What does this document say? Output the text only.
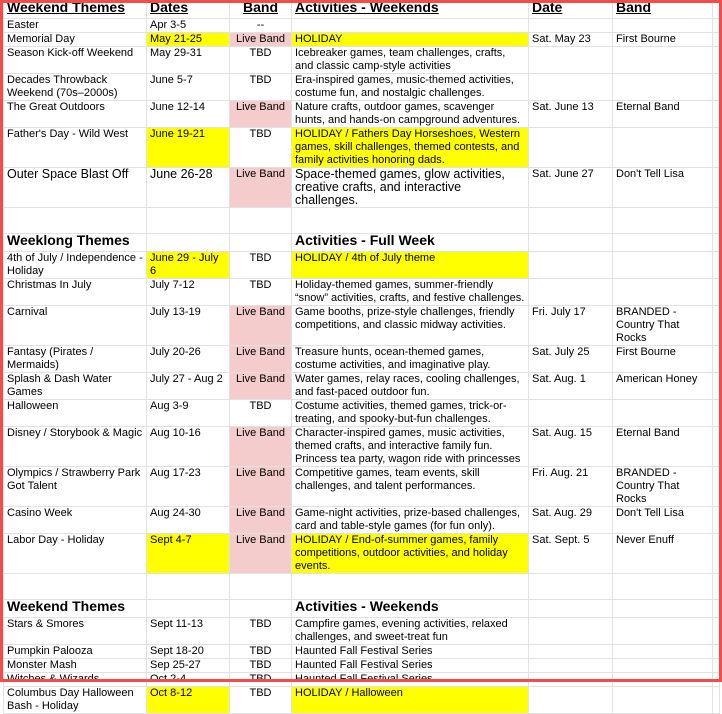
Weekend Themes	Dates	Band	Activities - Weekends	Date	Band	
Easter	Apr 3-5	--				
Memorial Day	May 21-25	Live Band	HOLIDAY	Sat. May 23	First Bourne	
Season Kick-off Weekend	May 29-31	TBD	Icebreaker games, team challenges, crafts, and classic camp-style activities			
Decades Throwback Weekend (70s–2000s)	June 5-7	TBD	Era-inspired games, music-themed activities, costume fun, and nostalgic challenges.			
The Great Outdoors	June 12-14	Live Band	Nature crafts, outdoor games, scavenger hunts, and hands-on campground adventures.	Sat. June 13	Eternal Band	
Father's Day - Wild West	June 19-21	TBD	HOLIDAY / Fathers Day Horseshoes, Western games, skill challenges, themed contests, and family activities honoring dads.			
Outer Space Blast Off	June 26-28	Live Band	Space-themed games, glow activities, creative crafts, and interactive challenges.	Sat. June 27	Don't Tell Lisa	

Weeklong Themes			Activities - Full Week			
4th of July / Independence - Holiday	June 29 - July 6	TBD	HOLIDAY / 4th of July theme			
Christmas In July	July 7-12	TBD	Holiday-themed games, summer-friendly “snow” activities, crafts, and festive challenges.			
Carnival	July 13-19	Live Band	Game booths, prize-style challenges, friendly competitions, and classic midway activities.	Fri. July 17	BRANDED - Country That Rocks	
Fantasy (Pirates / Mermaids)	July 20-26	Live Band	Treasure hunts, ocean-themed games, costume activities, and imaginative play.	Sat. July 25	First Bourne	
Splash & Dash Water Games	July 27 - Aug 2	Live Band	Water games, relay races, cooling challenges, and fast-paced outdoor fun.	Sat. Aug. 1	American Honey	
Halloween	Aug 3-9	TBD	Costume activities, themed games, trick-or-treating, and spooky-but-fun challenges.			
Disney / Storybook & Magic	Aug 10-16	Live Band	Character-inspired games, music activities, themed crafts, and interactive family fun. Princess tea party, wagon ride with princesses	Sat. Aug. 15	Eternal Band	
Olympics / Strawberry Park Got Talent	Aug 17-23	Live Band	Competitive games, team events, skill challenges, and talent performances.	Fri. Aug. 21	BRANDED - Country That Rocks	
Casino Week	Aug 24-30	Live Band	Game-night activities, prize-based challenges, card and table-style games (for fun only).	Sat. Aug. 29	Don't Tell Lisa	
Labor Day - Holiday	Sept 4-7	Live Band	HOLIDAY / End-of-summer games, family competitions, outdoor activities, and holiday events.	Sat. Sept. 5	Never Enuff	

Weekend Themes			Activities - Weekends			
Stars & Smores	Sept 11-13	TBD	Campfire games, evening activities, relaxed challenges, and sweet-treat fun			
Pumpkin Palooza	Sept 18-20	TBD	Haunted Fall Festival Series			
Monster Mash	Sep 25-27	TBD	Haunted Fall Festival Series			
Witches & Wizards	Oct 2-4	TBD	Haunted Fall Festival Series			
Columbus Day Halloween Bash - Holiday	Oct 8-12	TBD	HOLIDAY / Halloween			
